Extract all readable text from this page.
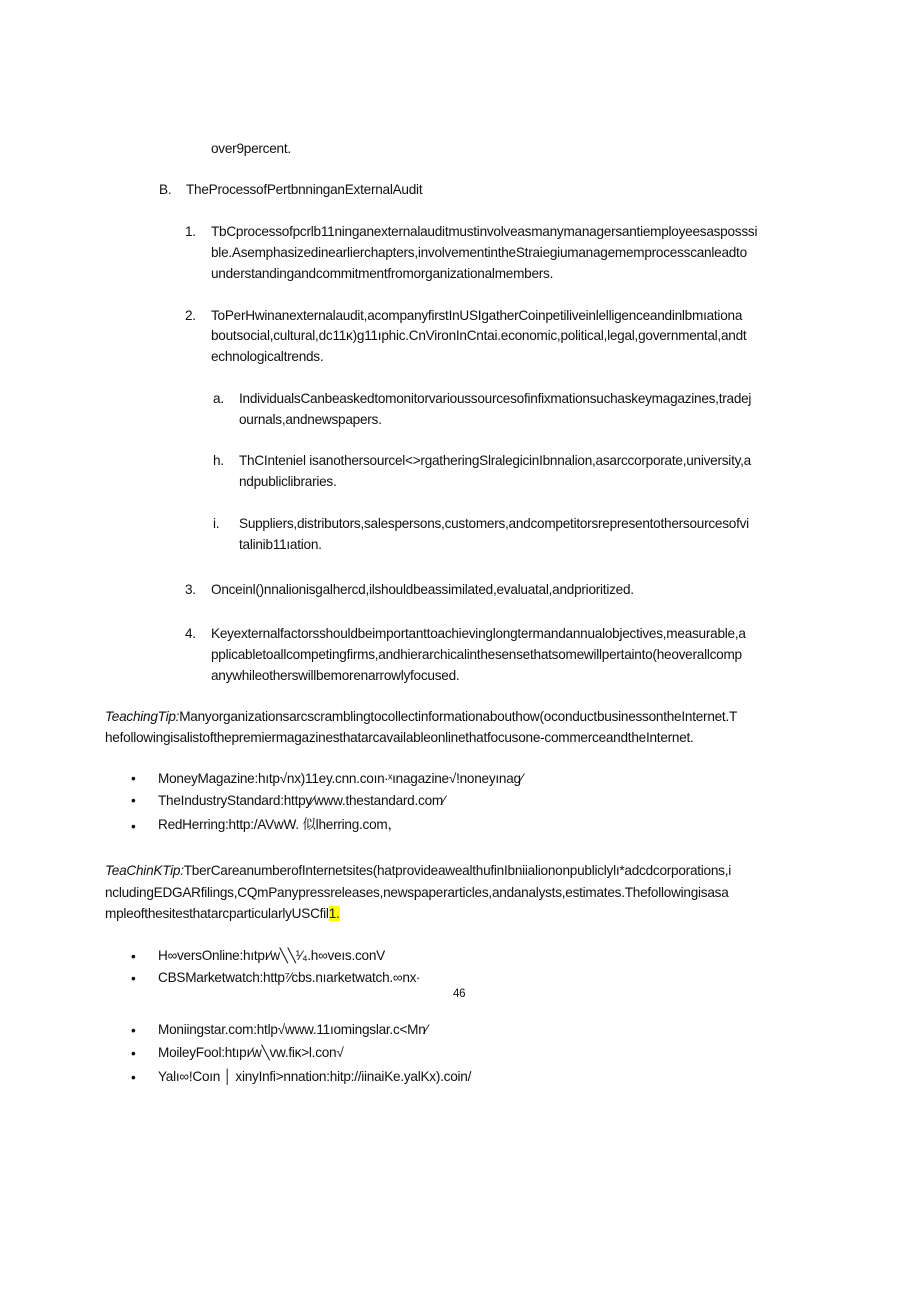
over9percent.
B. TheProcessofPertbnninganExternalAudit
1. TbCprocessofpcrlb11ninganexternalauditmustinvolveasmanymanagersantiemployeesasposssi
ble.Asemphasizedinearlierchapters,involvementintheStraiegiumanagememprocesscanleadto
understandingandcommitmentfromorganizationalmembers.
2. ToPerHwinanexternalaudit,acompanyfirstInUSIgatherCoinpetiliveinlelligenceandinlbmıationa
boutsocial,cultural,dc11κ)g11ıphic.CnVironInCntai.economic,political,legal,governmental,andt
echnologicaltrends.
a. IndividualsCanbeaskedtomonitorvarioussourcesofinfixmationsuchaskeymagazines,tradej
ournals,andnewspapers.
h. ThCInteniel isanothersourcel<>rgatheringSlralegicinIbnnalion,asarccorporate,university,a
ndpubliclibraries.
i. Suppliers,distributors,salespersons,customers,andcompetitorsrepresentothersourcesofvi
talinib11ıation.
3. Onceinl()nnalionisgalhercd,ilshouldbeassimilated,evaluatal,andprioritized.
4. Keyexternalfactorsshouldbeimportanttoachievinglongtermandannualobjectives,measurable,a
pplicabletoallcompetingfirms,andhierarchicalinthesensethatsomewillpertainto(heoverallcomp
anywhileotherswillbemorenarrowlyfocused.
TeachingTip:Manyorganizationsarcscramblingtocollectinformationabouthow(oconductbusinessontheInternet.T
hefollowingisalistofthepremiermagazinesthatarcavailableonlinethatfocusone-commerceandtheInternet.
• MoneyMagazine:hıtp√nx)11ey.cnn.coın∙ˣınagazine√!noneyınag⁄
• TheIndustryStandard:httpy⁄www.thestandard.com⁄
• RedHerring:http:/AVwW. 似lherring.com，
TeaChinKTip:TberCareanumberofInternetsites(hatprovideawealthufinIbniialiononpubliclylı*adcdcorporations,i
ncludingEDGARfilings,CQmPanypressreleases,newspaperarticles,andanalysts,estimates.Thefollowingisasa
mpleofthesitesthatarcparticularlyUSCfil1.
• H∞versOnline:hıtpı⁄w╲╲¹⁄₄.h∞veıs.conV
• CBSMarketwatch:http⁷⁄cbs.nıarketwatch.∞nx∙
46
• Moniingstar.com:htlp√www.11ıomingslar.c<Mn⁄
• MoileyFool:htıpı⁄w╲vw.fiκ>l.con√
• Yalı∞!Coın │ xinyInfi>nnation:hitp://iinaiKe.yalKx).coin/
